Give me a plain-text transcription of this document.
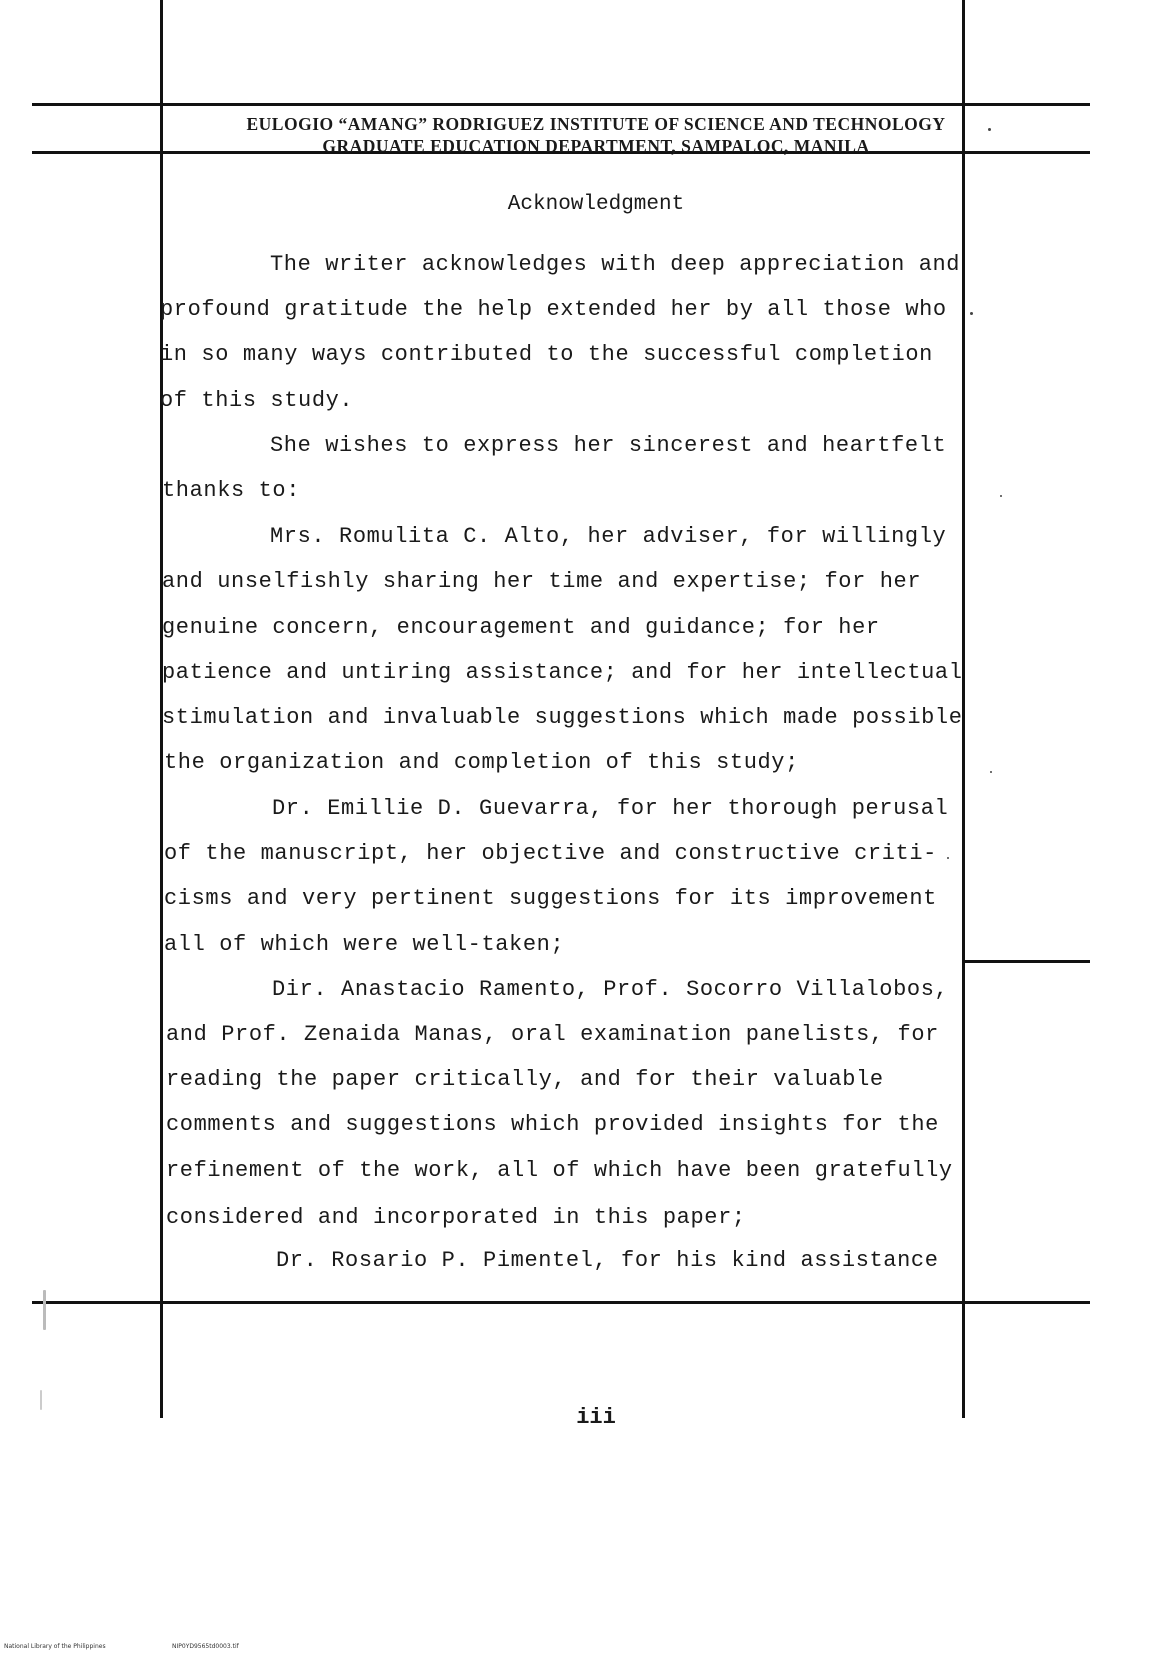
EULOGIO “AMANG” RODRIGUEZ INSTITUTE OF SCIENCE AND TECHNOLOGY
GRADUATE EDUCATION DEPARTMENT, SAMPALOC, MANILA
Acknowledgment
The writer acknowledges with deep appreciation and
profound gratitude the help extended her by all those who
in so many ways contributed to the successful completion
of this study.
She wishes to express her sincerest and heartfelt
thanks to:
Mrs. Romulita C. Alto, her adviser, for willingly
and unselfishly sharing her time and expertise; for her
genuine concern, encouragement and guidance; for her
patience and untiring assistance; and for her intellectual
stimulation and invaluable suggestions which made possible
the organization and completion of this study;
Dr. Emillie D. Guevarra, for her thorough perusal
of the manuscript, her objective and constructive criti-
cisms and very pertinent suggestions for its improvement
all of which were well-taken;
Dir. Anastacio Ramento, Prof. Socorro Villalobos,
and Prof. Zenaida Manas, oral examination panelists, for
reading the paper critically, and for their valuable
comments and suggestions which provided insights for the
refinement of the work, all of which have been gratefully
considered and incorporated in this paper;
Dr. Rosario P. Pimentel, for his kind assistance
iii
National Library of the Philippines	NIP0YD9565td0003.tif
